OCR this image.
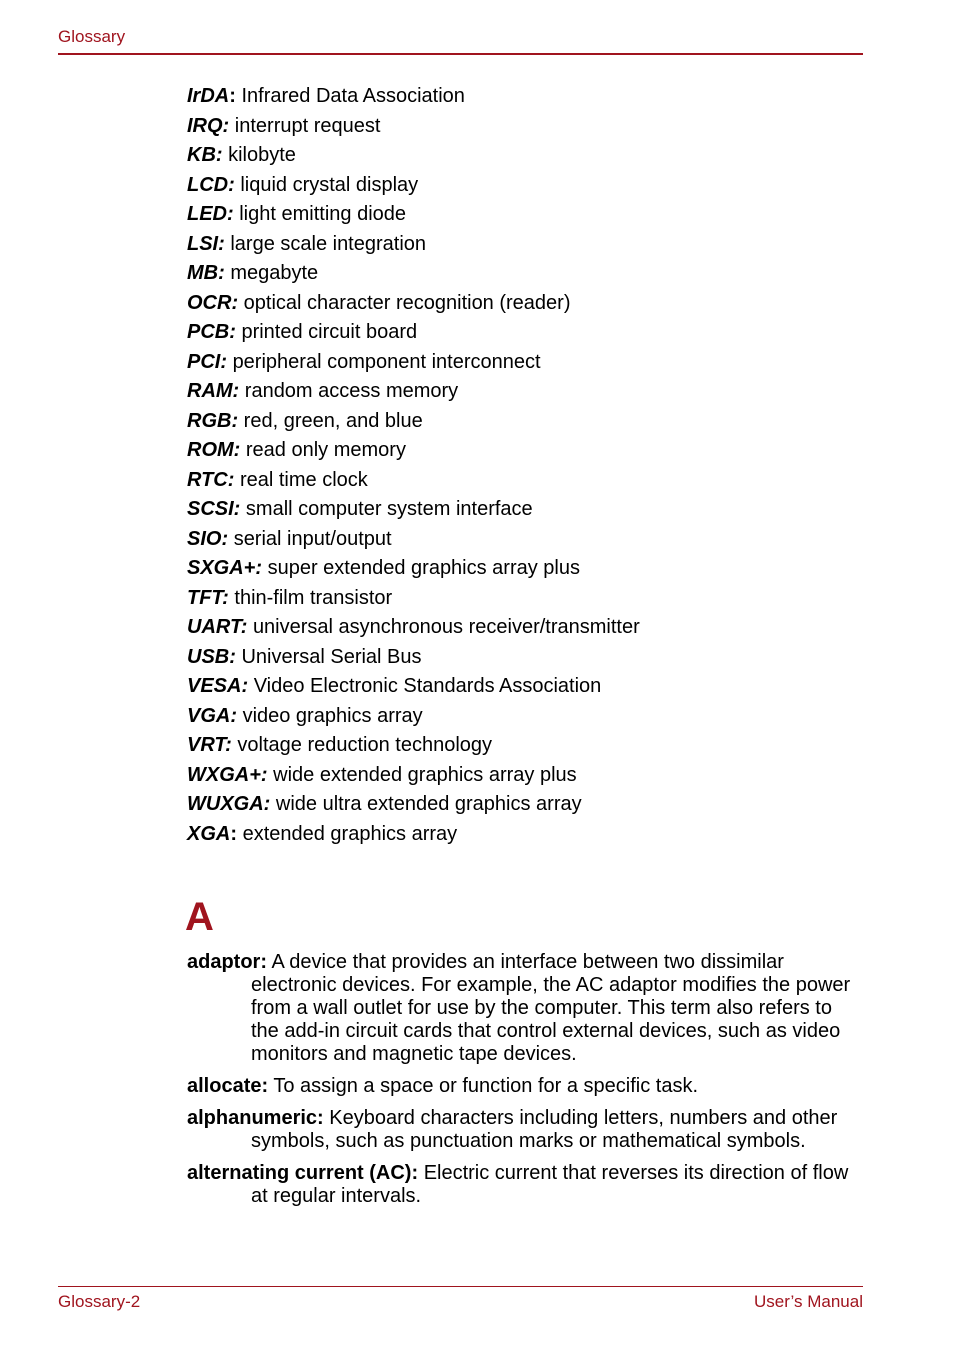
Glossary
IrDA: Infrared Data Association
IRQ: interrupt request
KB: kilobyte
LCD: liquid crystal display
LED: light emitting diode
LSI: large scale integration
MB: megabyte
OCR: optical character recognition (reader)
PCB: printed circuit board
PCI: peripheral component interconnect
RAM: random access memory
RGB: red, green, and blue
ROM: read only memory
RTC: real time clock
SCSI: small computer system interface
SIO: serial input/output
SXGA+: super extended graphics array plus
TFT: thin-film transistor
UART: universal asynchronous receiver/transmitter
USB: Universal Serial Bus
VESA: Video Electronic Standards Association
VGA: video graphics array
VRT: voltage reduction technology
WXGA+: wide extended graphics array plus
WUXGA: wide ultra extended graphics array
XGA: extended graphics array
A
adaptor: A device that provides an interface between two dissimilar electronic devices. For example, the AC adaptor modifies the power from a wall outlet for use by the computer. This term also refers to the add-in circuit cards that control external devices, such as video monitors and magnetic tape devices.
allocate: To assign a space or function for a specific task.
alphanumeric: Keyboard characters including letters, numbers and other symbols, such as punctuation marks or mathematical symbols.
alternating current (AC): Electric current that reverses its direction of flow at regular intervals.
Glossary-2	User’s Manual
